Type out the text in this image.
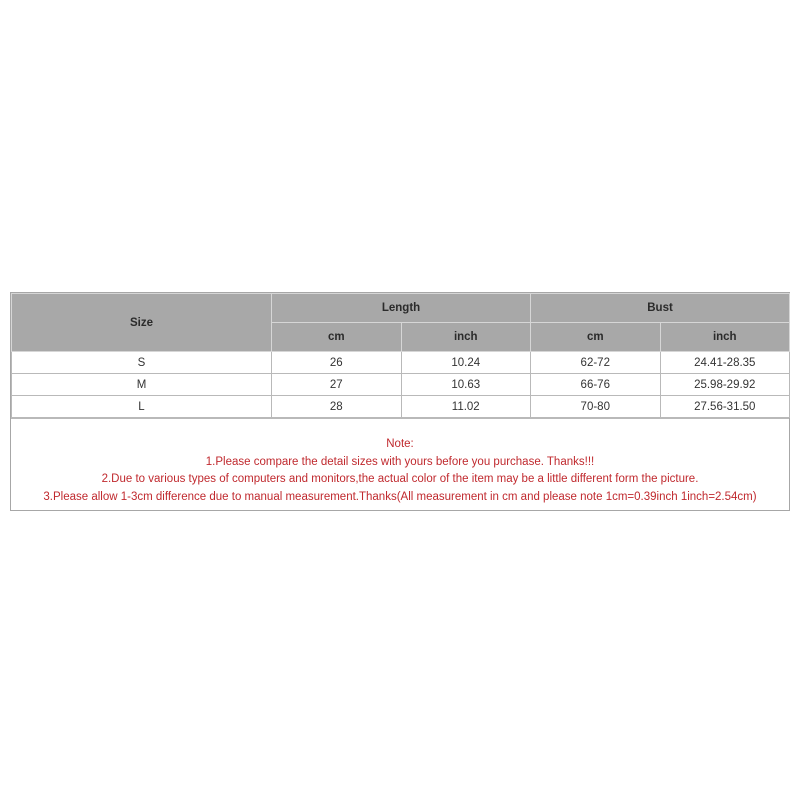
Size	Length		Bust	
	cm	inch	cm	inch
S	26	10.24	62-72	24.41-28.35
M	27	10.63	66-76	25.98-29.92
L	28	11.02	70-80	27.56-31.50
Note:
1.Please compare the detail sizes with yours before you purchase. Thanks!!!
2.Due to various types of computers and monitors,the actual color of the item may be a little different form the picture.
3.Please allow 1-3cm difference due to manual measurement.Thanks(All measurement in cm and please note 1cm=0.39inch 1inch=2.54cm)
